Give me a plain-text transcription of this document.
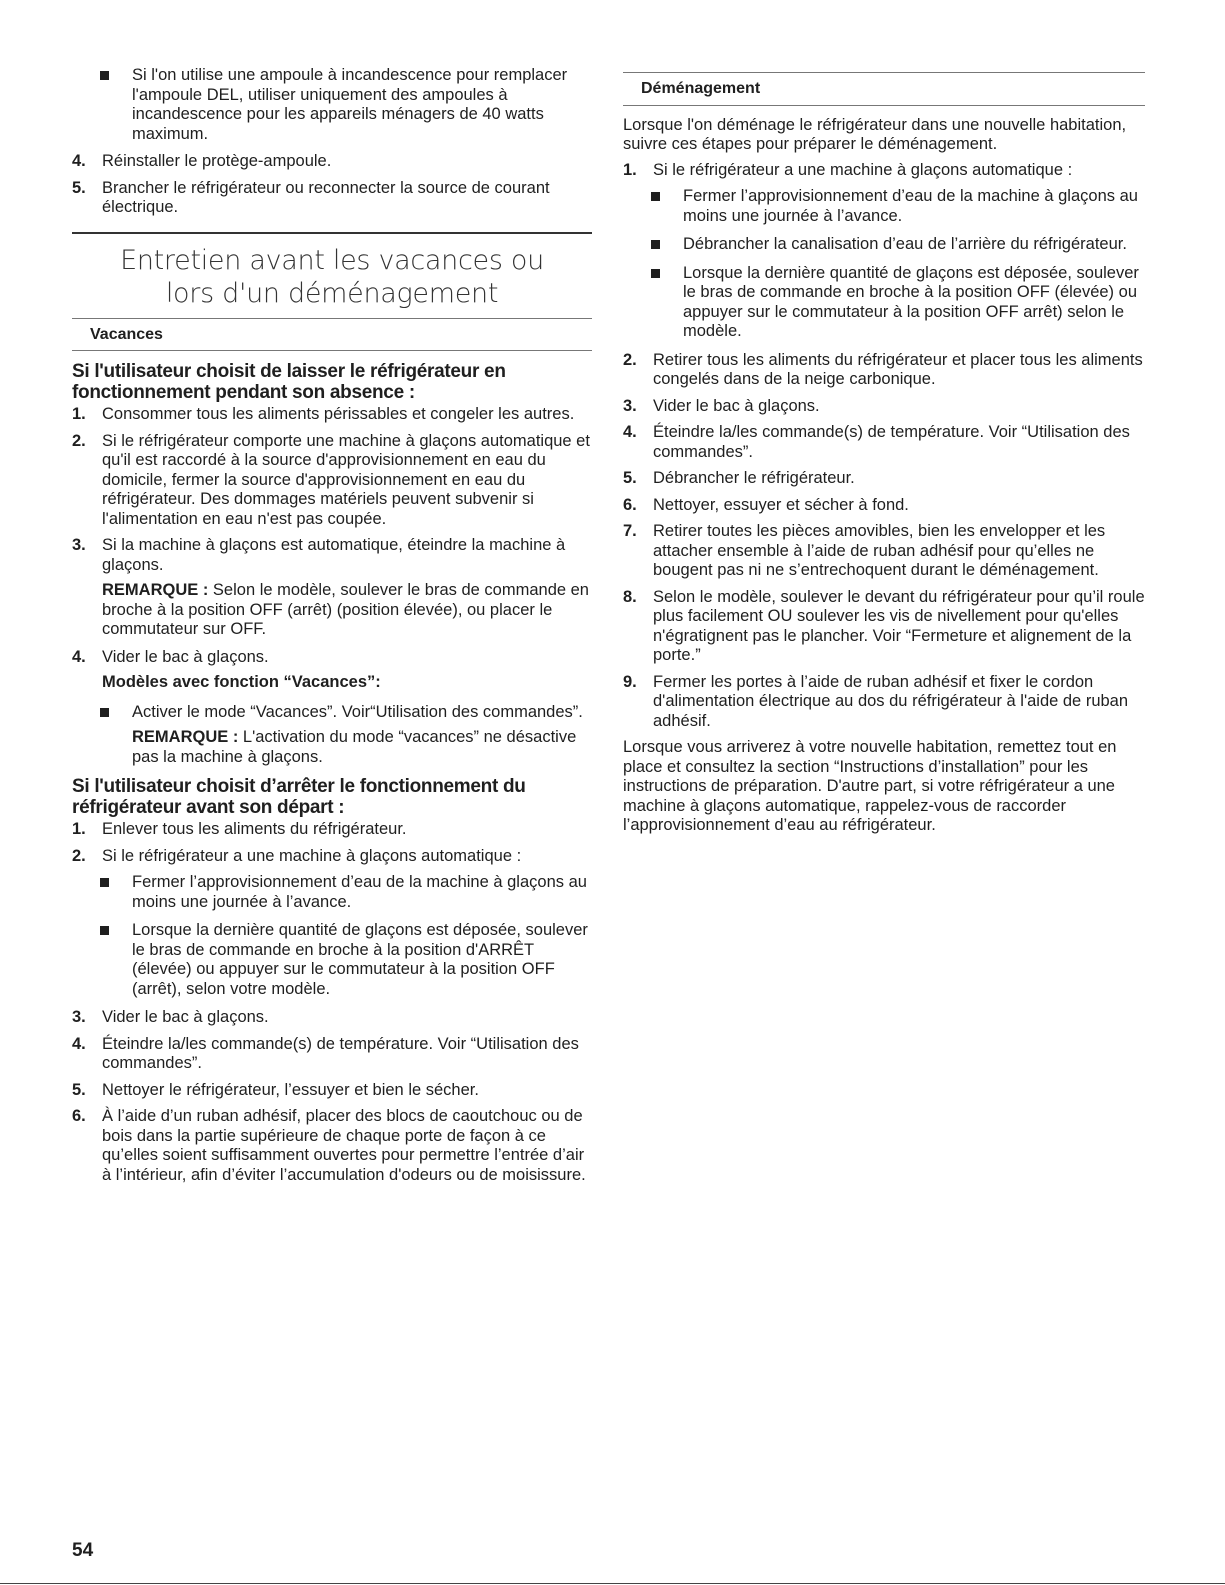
Si l'on utilise une ampoule à incandescence pour remplacer l'ampoule DEL, utiliser uniquement des ampoules à incandescence pour les appareils ménagers de 40 watts maximum.
4. Réinstaller le protège-ampoule.
5. Brancher le réfrigérateur ou reconnecter la source de courant électrique.
Entretien avant les vacances ou
lors d'un déménagement
Vacances
Si l'utilisateur choisit de laisser le réfrigérateur en fonctionnement pendant son absence :
1. Consommer tous les aliments périssables et congeler les autres.
2. Si le réfrigérateur comporte une machine à glaçons automatique et qu'il est raccordé à la source d'approvisionnement en eau du domicile, fermer la source d'approvisionnement en eau du réfrigérateur. Des dommages matériels peuvent subvenir si l'alimentation en eau n'est pas coupée.
3. Si la machine à glaçons est automatique, éteindre la machine à glaçons.
REMARQUE : Selon le modèle, soulever le bras de commande en broche à la position OFF (arrêt) (position élevée), ou placer le commutateur sur OFF.
4. Vider le bac à glaçons.
Modèles avec fonction “Vacances”:
Activer le mode “Vacances”. Voir“Utilisation des commandes”.
REMARQUE : L'activation du mode “vacances” ne désactive pas la machine à glaçons.
Si l'utilisateur choisit d’arrêter le fonctionnement du réfrigérateur avant son départ :
1. Enlever tous les aliments du réfrigérateur.
2. Si le réfrigérateur a une machine à glaçons automatique :
Fermer l’approvisionnement d’eau de la machine à glaçons au moins une journée à l’avance.
Lorsque la dernière quantité de glaçons est déposée, soulever le bras de commande en broche à la position d'ARRÊT (élevée) ou appuyer sur le commutateur à la position OFF (arrêt), selon votre modèle.
3. Vider le bac à glaçons.
4. Éteindre la/les commande(s) de température. Voir “Utilisation des commandes”.
5. Nettoyer le réfrigérateur, l’essuyer et bien le sécher.
6. À l’aide d’un ruban adhésif, placer des blocs de caoutchouc ou de bois dans la partie supérieure de chaque porte de façon à ce qu’elles soient suffisamment ouvertes pour permettre l’entrée d’air à l’intérieur, afin d’éviter l’accumulation d'odeurs ou de moisissure.
Déménagement

Lorsque l'on déménage le réfrigérateur dans une nouvelle habitation, suivre ces étapes pour préparer le déménagement.

1. Si le réfrigérateur a une machine à glaçons automatique :
Fermer l’approvisionnement d’eau de la machine à glaçons au moins une journée à l’avance.
Débrancher la canalisation d’eau de l’arrière du réfrigérateur.
Lorsque la dernière quantité de glaçons est déposée, soulever le bras de commande en broche à la position OFF (élevée) ou appuyer sur le commutateur à la position OFF arrêt) selon le modèle.
2. Retirer tous les aliments du réfrigérateur et placer tous les aliments congelés dans de la neige carbonique.
3. Vider le bac à glaçons.
4. Éteindre la/les commande(s) de température. Voir “Utilisation des commandes”.
5. Débrancher le réfrigérateur.
6. Nettoyer, essuyer et sécher à fond.
7. Retirer toutes les pièces amovibles, bien les envelopper et les attacher ensemble à l’aide de ruban adhésif pour qu’elles ne bougent pas ni ne s’entrechoquent durant le déménagement.
8. Selon le modèle, soulever le devant du réfrigérateur pour qu’il roule plus facilement OU soulever les vis de nivellement pour qu'elles n'égratignent pas le plancher. Voir “Fermeture et alignement de la porte.”
9. Fermer les portes à l’aide de ruban adhésif et fixer le cordon d'alimentation électrique au dos du réfrigérateur à l'aide de ruban adhésif.

Lorsque vous arriverez à votre nouvelle habitation, remettez tout en place et consultez la section “Instructions d’installation” pour les instructions de préparation. D'autre part, si votre réfrigérateur a une machine à glaçons automatique, rappelez-vous de raccorder l’approvisionnement d’eau au réfrigérateur.

54
